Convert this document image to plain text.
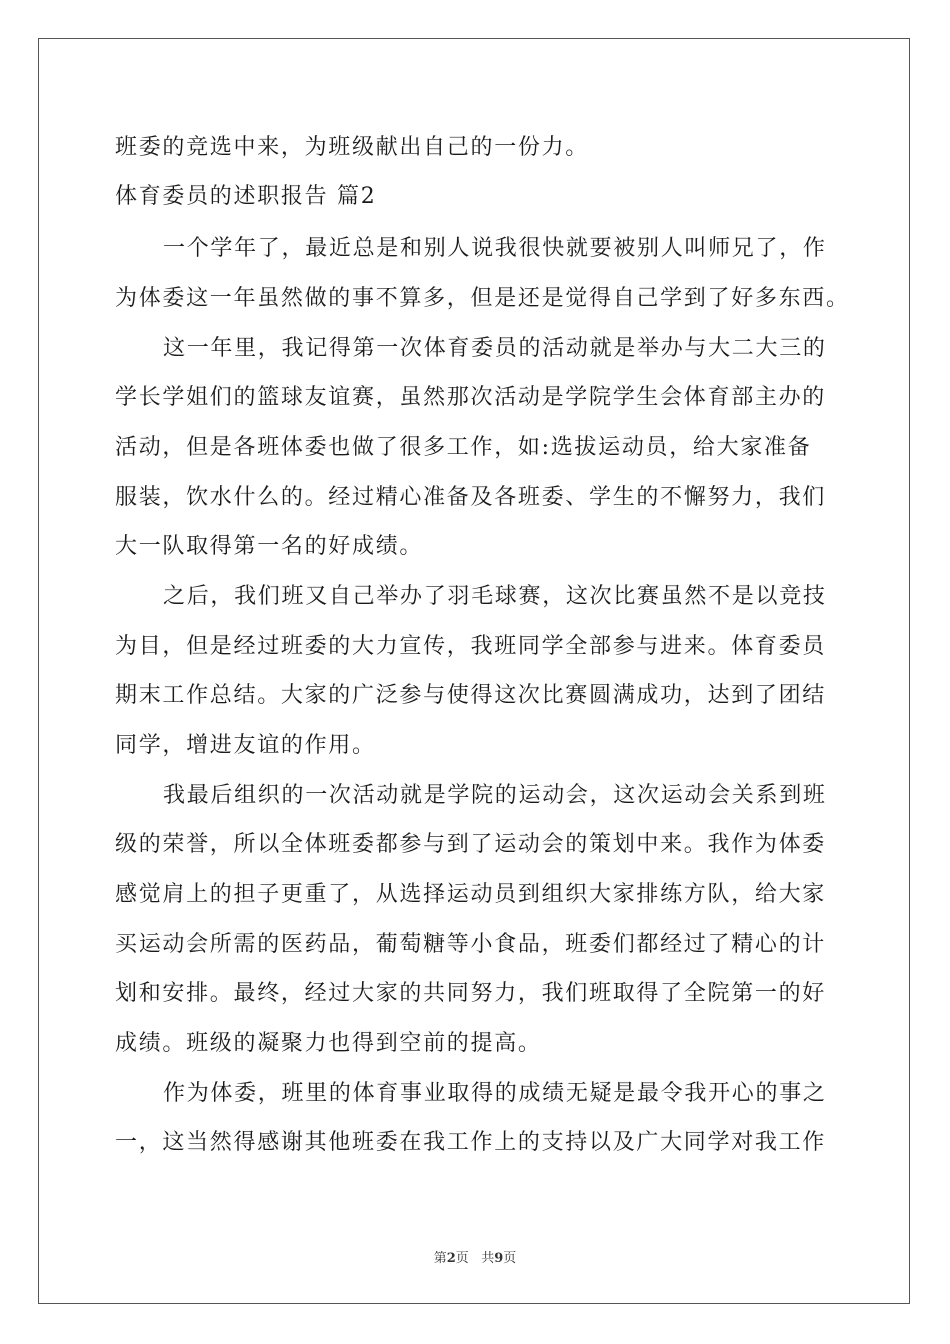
班委的竞选中来，为班级献出自己的一份力。
体育委员的述职报告 篇2
一个学年了，最近总是和别人说我很快就要被别人叫师兄了，作
为体委这一年虽然做的事不算多，但是还是觉得自己学到了好多东西。
这一年里，我记得第一次体育委员的活动就是举办与大二大三的
学长学姐们的篮球友谊赛，虽然那次活动是学院学生会体育部主办的
活动，但是各班体委也做了很多工作，如:选拔运动员，给大家准备
服装，饮水什么的。经过精心准备及各班委、学生的不懈努力，我们
大一队取得第一名的好成绩。
之后，我们班又自己举办了羽毛球赛，这次比赛虽然不是以竞技
为目，但是经过班委的大力宣传，我班同学全部参与进来。体育委员
期末工作总结。大家的广泛参与使得这次比赛圆满成功，达到了团结
同学，增进友谊的作用。
我最后组织的一次活动就是学院的运动会，这次运动会关系到班
级的荣誉，所以全体班委都参与到了运动会的策划中来。我作为体委
感觉肩上的担子更重了，从选择运动员到组织大家排练方队，给大家
买运动会所需的医药品，葡萄糖等小食品，班委们都经过了精心的计
划和安排。最终，经过大家的共同努力，我们班取得了全院第一的好
成绩。班级的凝聚力也得到空前的提高。
作为体委，班里的体育事业取得的成绩无疑是最令我开心的事之
一，这当然得感谢其他班委在我工作上的支持以及广大同学对我工作
第2页 共9页
